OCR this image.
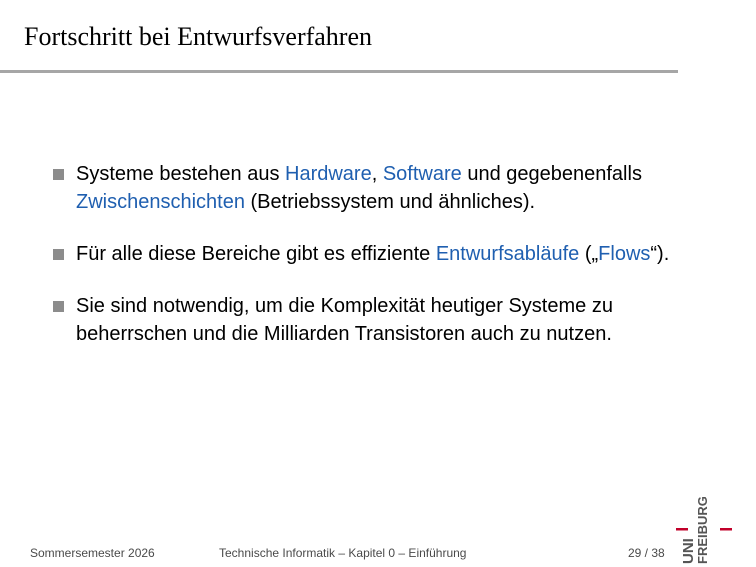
Fortschritt bei Entwurfsverfahren
Systeme bestehen aus Hardware, Software und gegebenenfalls Zwischenschichten (Betriebssystem und ähnliches).
Für alle diese Bereiche gibt es effiziente Entwurfsabläufe („Flows“).
Sie sind notwendig, um die Komplexität heutiger Systeme zu beherrschen und die Milliarden Transistoren auch zu nutzen.
Sommersemester 2026	Technische Informatik – Kapitel 0 – Einführung	29 / 38 UNI
FREIBURG
